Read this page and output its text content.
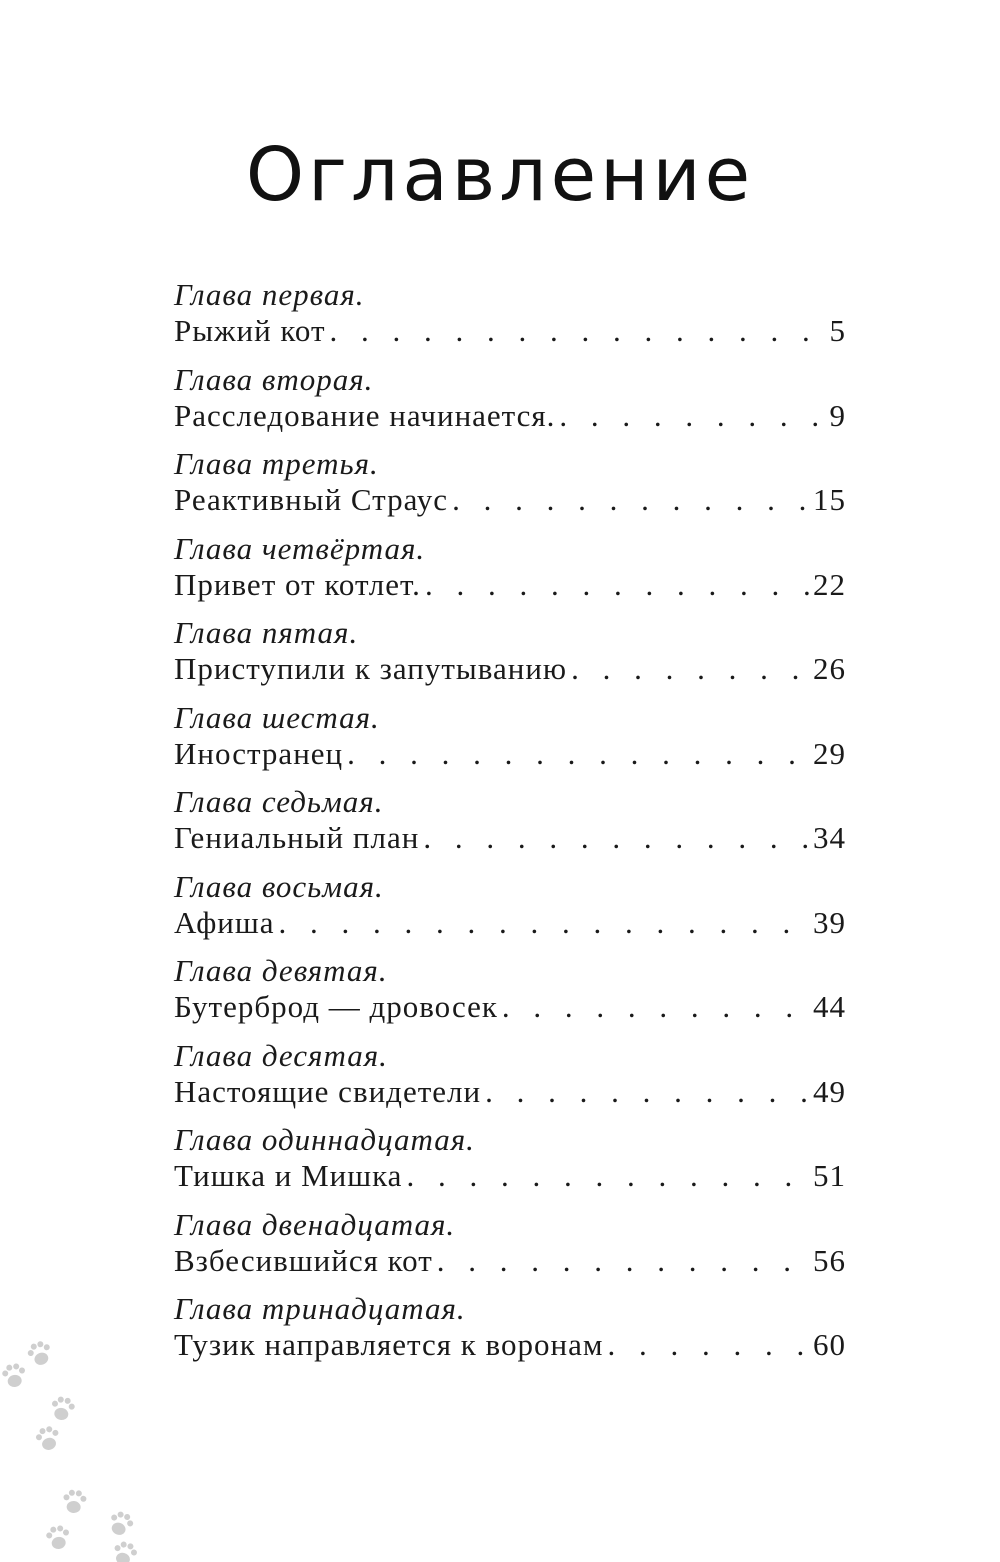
Оглавление
Глава первая.
Рыжий кот . . .	5
Глава вторая.
Расследование начинается. . . .	9
Глава третья.
Реактивный Страус . . .	15
Глава четвёртая.
Привет от котлет. . . .	22
Глава пятая.
Приступили к запутыванию . . .	26
Глава шестая.
Иностранец . . .	29
Глава седьмая.
Гениальный план . . .	34
Глава восьмая.
Афиша . . .	39
Глава девятая.
Бутерброд — дровосек . . .	44
Глава десятая.
Настоящие свидетели . . .	49
Глава одиннадцатая.
Тишка и Мишка . . .	51
Глава двенадцатая.
Взбесившийся кот . . .	56
Глава тринадцатая.
Тузик направляется к воронам . . .	60
